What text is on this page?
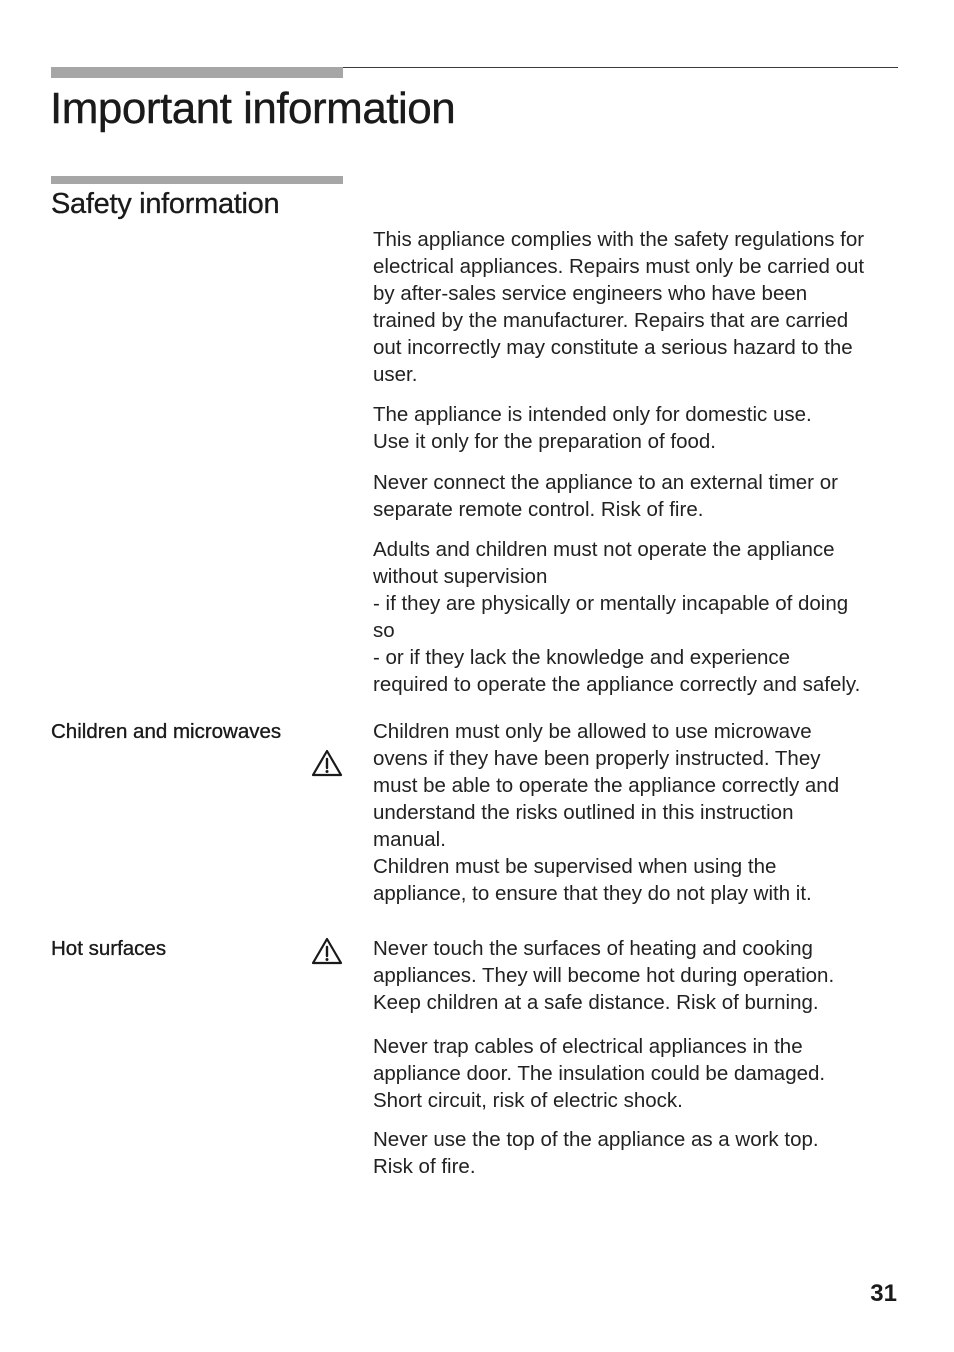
Important information
Safety information

This appliance complies with the safety regulations for
electrical appliances. Repairs must only be carried out
by after-sales service engineers who have been
trained by the manufacturer. Repairs that are carried
out incorrectly may constitute a serious hazard to the
user.

The appliance is intended only for domestic use.
Use it only for the preparation of food.

Never connect the appliance to an external timer or
separate remote control. Risk of fire.

Adults and children must not operate the appliance
without supervision
- if they are physically or mentally incapable of doing
so
- or if they lack the knowledge and experience
required to operate the appliance correctly and safely.

Children and microwaves	Children must only be allowed to use microwave
ovens if they have been properly instructed. They
must be able to operate the appliance correctly and
understand the risks outlined in this instruction
manual.
Children must be supervised when using the
appliance, to ensure that they do not play with it.

Hot surfaces	Never touch the surfaces of heating and cooking
appliances. They will become hot during operation.
Keep children at a safe distance. Risk of burning.

Never trap cables of electrical appliances in the
appliance door. The insulation could be damaged.
Short circuit, risk of electric shock.

Never use the top of the appliance as a work top.
Risk of fire.

31
